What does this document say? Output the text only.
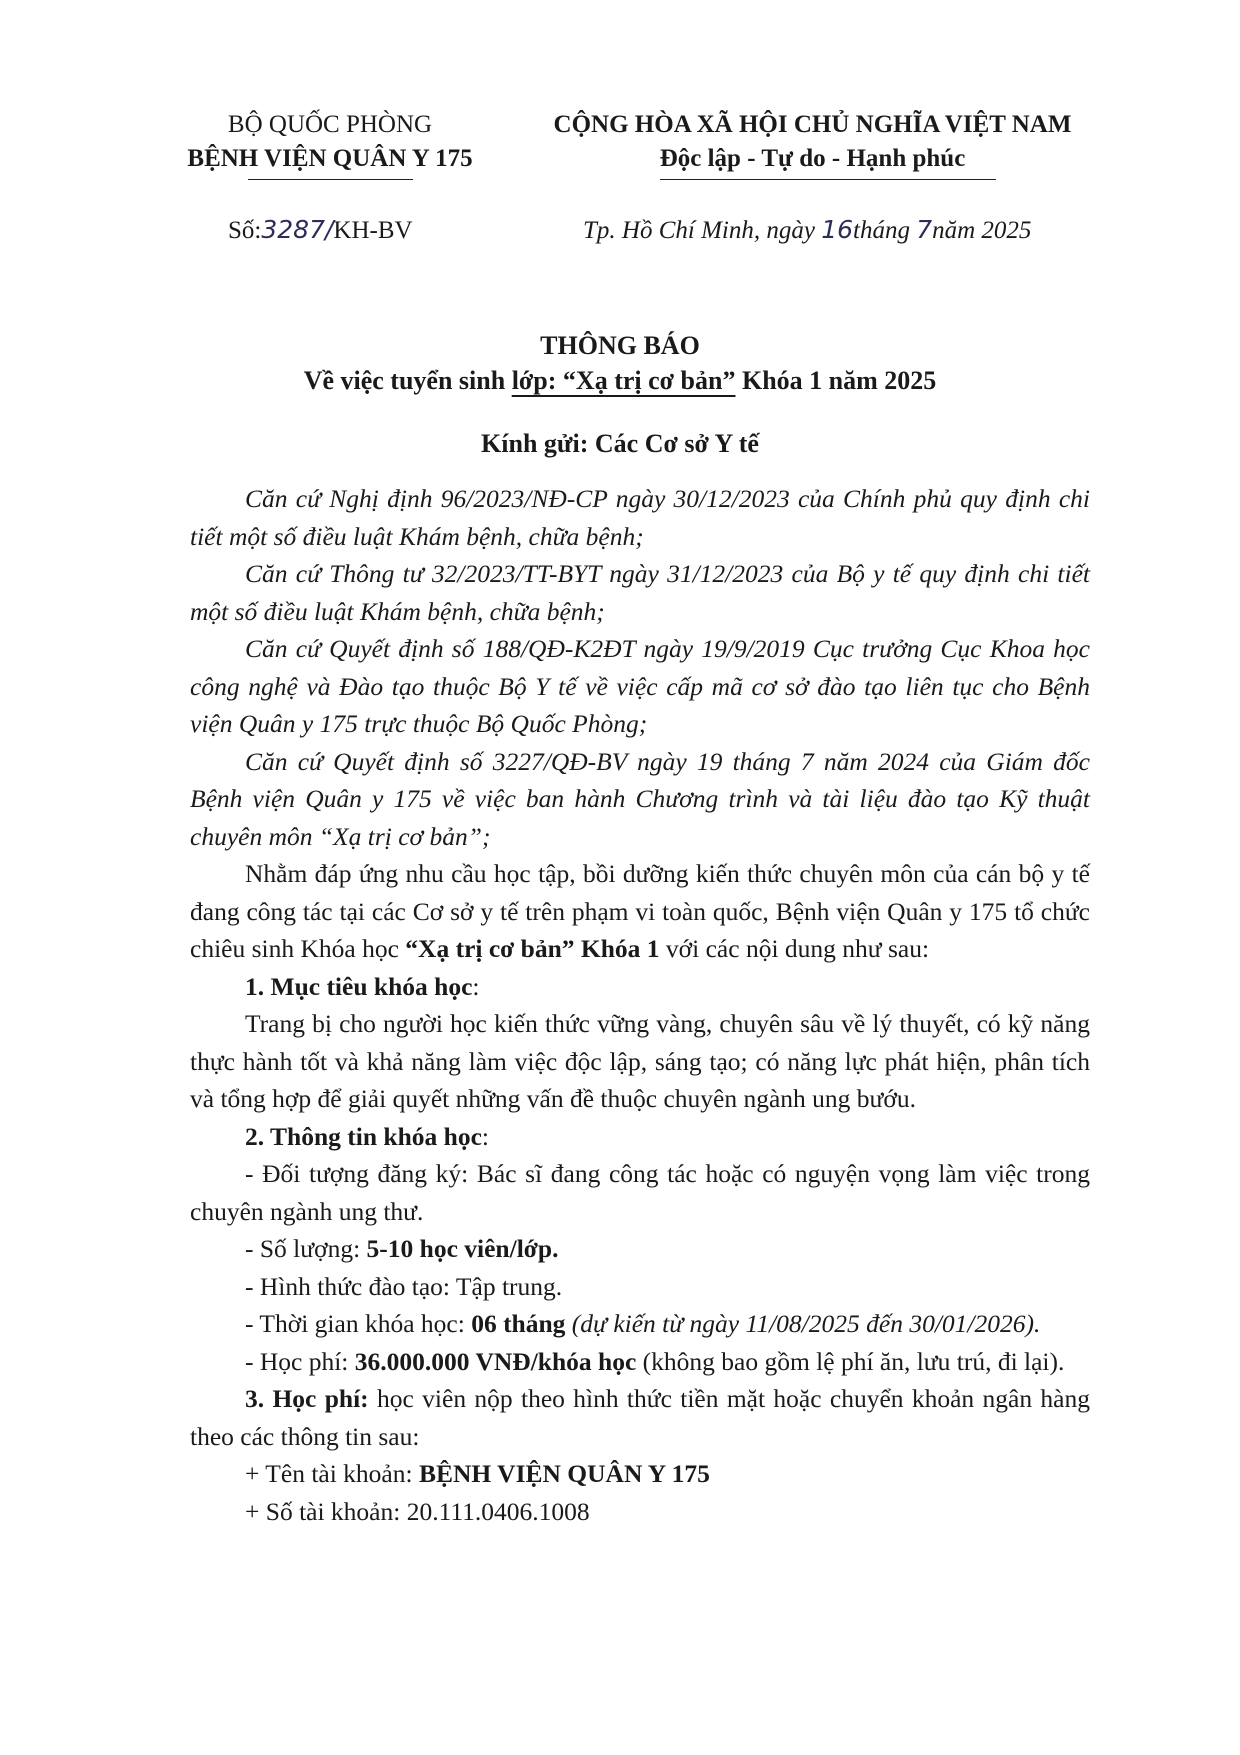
BỘ QUỐC PHÒNG
BỆNH VIỆN QUÂN Y 175
CỘNG HÒA XÃ HỘI CHỦ NGHĨA VIỆT NAM
Độc lập - Tự do - Hạnh phúc
Số:3287/KH-BV	Tp. Hồ Chí Minh, ngày 16tháng 7năm 2025
THÔNG BÁO
Về việc tuyển sinh lớp: “Xạ trị cơ bản” Khóa 1 năm 2025
Kính gửi: Các Cơ sở Y tế

Căn cứ Nghị định 96/2023/NĐ-CP ngày 30/12/2023 của Chính phủ quy định chi tiết một số điều luật Khám bệnh, chữa bệnh;

Căn cứ Thông tư 32/2023/TT-BYT ngày 31/12/2023 của Bộ y tế quy định chi tiết một số điều luật Khám bệnh, chữa bệnh;

Căn cứ Quyết định số 188/QĐ-K2ĐT ngày 19/9/2019 Cục trưởng Cục Khoa học công nghệ và Đào tạo thuộc Bộ Y tế về việc cấp mã cơ sở đào tạo liên tục cho Bệnh viện Quân y 175 trực thuộc Bộ Quốc Phòng;

Căn cứ Quyết định số 3227/QĐ-BV ngày 19 tháng 7 năm 2024 của Giám đốc Bệnh viện Quân y 175 về việc ban hành Chương trình và tài liệu đào tạo Kỹ thuật chuyên môn “Xạ trị cơ bản”;

Nhằm đáp ứng nhu cầu học tập, bồi dưỡng kiến thức chuyên môn của cán bộ y tế đang công tác tại các Cơ sở y tế trên phạm vi toàn quốc, Bệnh viện Quân y 175 tổ chức chiêu sinh Khóa học “Xạ trị cơ bản” Khóa 1 với các nội dung như sau:

1. Mục tiêu khóa học:

Trang bị cho người học kiến thức vững vàng, chuyên sâu về lý thuyết, có kỹ năng thực hành tốt và khả năng làm việc độc lập, sáng tạo; có năng lực phát hiện, phân tích và tổng hợp để giải quyết những vấn đề thuộc chuyên ngành ung bướu.

2. Thông tin khóa học:

- Đối tượng đăng ký: Bác sĩ đang công tác hoặc có nguyện vọng làm việc trong chuyên ngành ung thư.

- Số lượng: 5-10 học viên/lớp.

- Hình thức đào tạo: Tập trung.

- Thời gian khóa học: 06 tháng (dự kiến từ ngày 11/08/2025 đến 30/01/2026).

- Học phí: 36.000.000 VNĐ/khóa học (không bao gồm lệ phí ăn, lưu trú, đi lại).

3. Học phí: học viên nộp theo hình thức tiền mặt hoặc chuyển khoản ngân hàng theo các thông tin sau:

+ Tên tài khoản: BỆNH VIỆN QUÂN Y 175

+ Số tài khoản: 20.111.0406.1008
